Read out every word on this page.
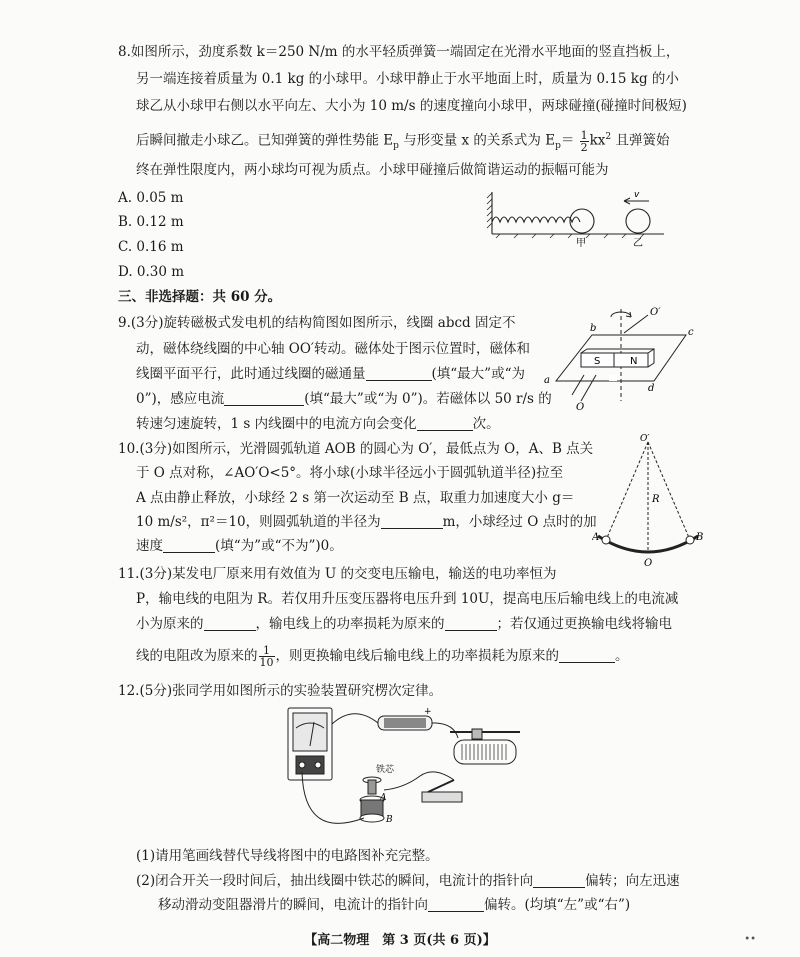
8.如图所示，劲度系数 k＝250 N/m 的水平轻质弹簧一端固定在光滑水平地面的竖直挡板上，
另一端连接着质量为 0.1 kg 的小球甲。小球甲静止于水平地面上时，质量为 0.15 kg 的小
球乙从小球甲右侧以水平向左、大小为 10 m/s 的速度撞向小球甲，两球碰撞(碰撞时间极短)
后瞬间撤走小球乙。已知弹簧的弹性势能 $E_p$ 与形变量 x 的关系式为 $E_p= \frac{1}{2} kx^2$ 且弹簧始
终在弹性限度内，两小球均可视为质点。小球甲碰撞后做简谐运动的振幅可能为
A. 0.05 m
B. 0.12 m
C. 0.16 m
D. 0.30 m
v
甲	乙
三、非选择题：共 60 分。
9.(3分)旋转磁极式发电机的结构简图如图所示，线圈 abcd 固定不
动，磁体绕线圈的中心轴 OO′转动。磁体处于图示位置时，磁体和
线圈平面平行，此时通过线圈的磁通量	(填“最大”或“为
0”)，感应电流	(填“最大”或“为 0”)。若磁体以 50 r/s 的
转速匀速旋转，1 s 内线圈中的电流方向会变化	次。
S	N
O′
b	c
a
d
O
10.(3分)如图所示，光滑圆弧轨道 AOB 的圆心为 O′，最低点为 O，A、B 点关
于 O 点对称，∠AO′O<5°。将小球(小球半径远小于圆弧轨道半径)拉至
A 点由静止释放，小球经 2 s 第一次运动至 B 点，取重力加速度大小 g＝
10 m/s²，π²＝10，则圆弧轨道的半径为	m，小球经过 O 点时的加
速度	(填“为”或“不为”)0。
O′
R
A	B
O
11.(3分)某发电厂原来用有效值为 U 的交变电压输电，输送的电功率恒为
P，输电线的电阻为 R。若仅用升压变压器将电压升到 10U，提高电压后输电线上的电流减
小为原来的	，输电线上的功率损耗为原来的	；若仅通过更换输电线将输电
线的电阻改为原来的 $\frac{1}{10}$ ，则更换输电线后输电线上的功率损耗为原来的	。
12.(5分)张同学用如图所示的实验装置研究楞次定律。
铁芯
A
B
+
(1)请用笔画线替代导线将图中的电路图补充完整。
(2)闭合开关一段时间后，抽出线圈中铁芯的瞬间，电流计的指针向	偏转；向左迅速
移动滑动变阻器滑片的瞬间，电流计的指针向	偏转。(均填“左”或“右”)
【高二物理　第 3 页(共 6 页)】	••
